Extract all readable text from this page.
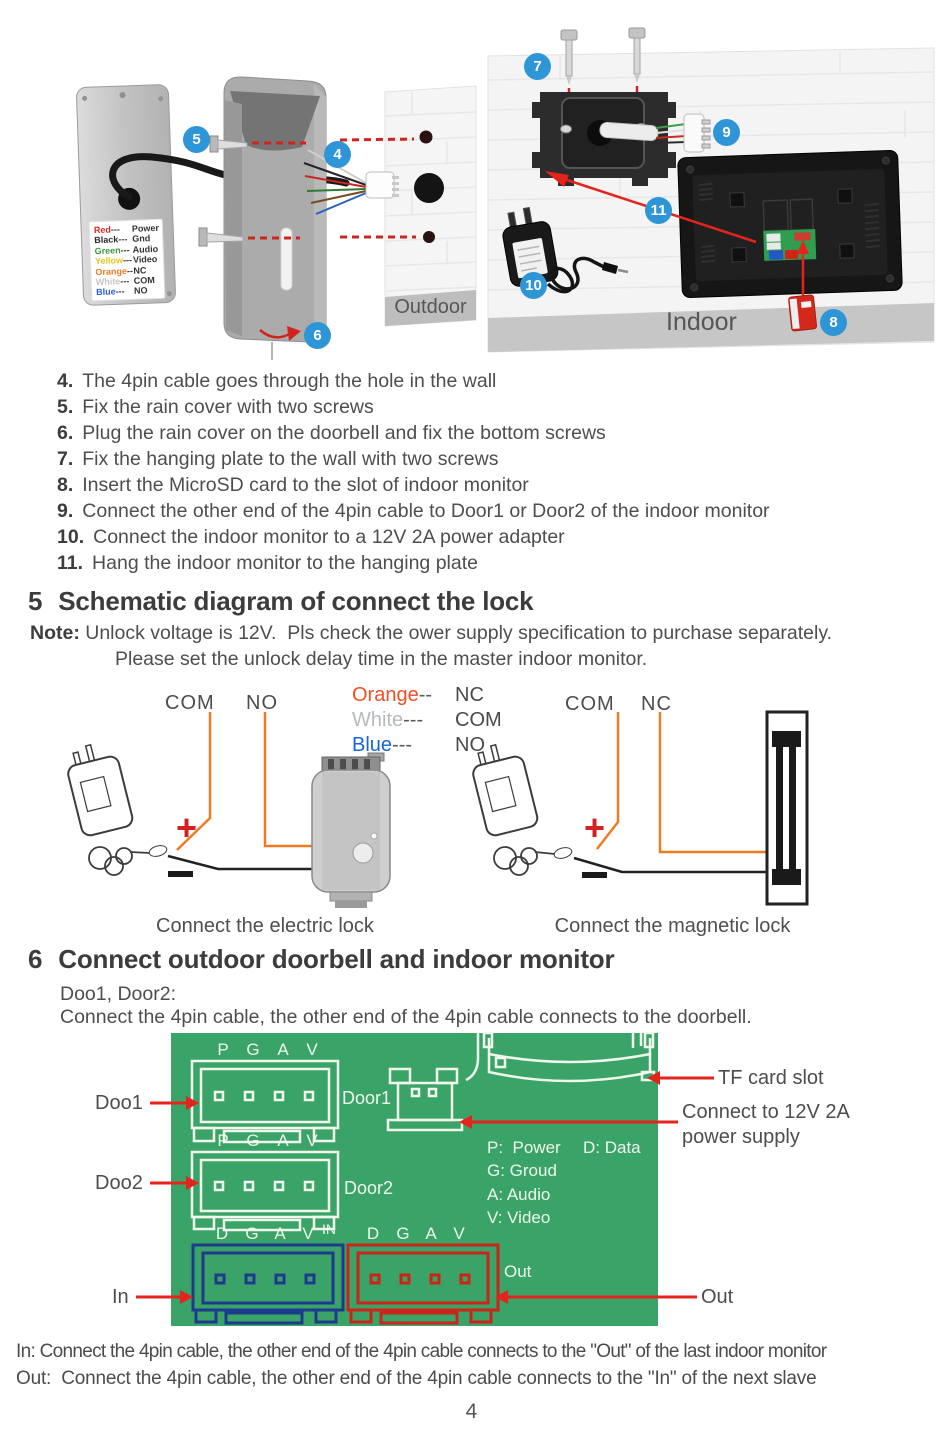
Red---	Power
Black--- Gnd
Green--- Audio
Yellow--- Video
Orange-- NC
White--- COM
Blue---	NO
Outdoor
Indoor
4
5
6
7
8
9
10
11
4. The 4pin cable goes through the hole in the wall
5. Fix the rain cover with two screws
6. Plug the rain cover on the doorbell and fix the bottom screws
7. Fix the hanging plate to the wall with two screws
8. Insert the MicroSD card to the slot of indoor monitor
9. Connect the other end of the 4pin cable to Door1 or Door2 of the indoor monitor
10. Connect the indoor monitor to a 12V 2A power adapter
11. Hang the indoor monitor to the hanging plate
5 Schematic diagram of connect the lock
Note: Unlock voltage is 12V.  Pls check the ower supply specification to purchase separately.
Please set the unlock delay time in the master indoor monitor.
COM NO	COM NC
Orange--	NC
White---	COM
Blue---	NO
+	+
Connect the electric lock	Connect the magnetic lock
6 Connect outdoor doorbell and indoor monitor
Doo1, Door2:
Connect the 4pin cable, the other end of the 4pin cable connects to the doorbell.
P	G	A	V
P	G	A	V
D	G A V	D	G A V
Door1
Door2
IN
Out
P:  Power D: Data
G: Groud
A: Audio
V: Video
Doo1
Doo2
In
TF card slot
Connect to 12V 2A
power supply
Out
In: Connect the 4pin cable, the other end of the 4pin cable connects to the "Out" of the last indoor monitor
Out:  Connect the 4pin cable, the other end of the 4pin cable connects to the "In" of the next slave
4
